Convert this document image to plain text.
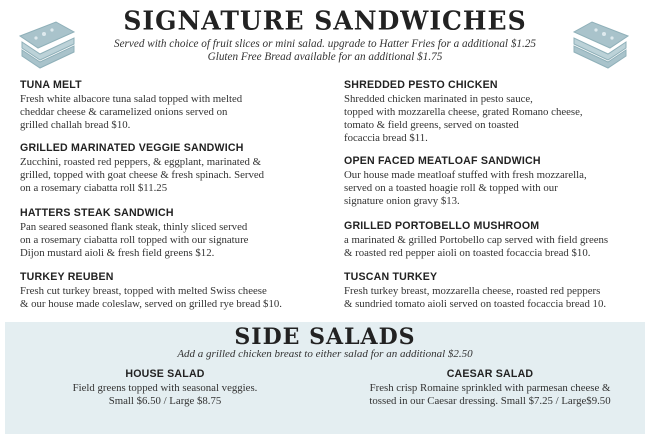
SIGNATURE SANDWICHES
Served with choice of fruit slices or mini salad. upgrade to Hatter Fries for a additional $1.25
Gluten Free Bread available for an additional $1.75
TUNA MELT
Fresh white albacore tuna salad topped with melted
cheddar cheese & caramelized onions served on
grilled challah bread $10.
GRILLED MARINATED VEGGIE SANDWICH
Zucchini, roasted red peppers, & eggplant, marinated &
grilled, topped with goat cheese & fresh spinach. Served
on a rosemary ciabatta roll $11.25
HATTERS STEAK SANDWICH
Pan seared seasoned flank steak, thinly sliced served
on a rosemary ciabatta roll topped with our signature
Dijon mustard aioli & fresh field greens $12.
TURKEY REUBEN
Fresh cut turkey breast, topped with melted Swiss cheese
& our house made coleslaw, served on grilled rye bread $10.
SHREDDED PESTO CHICKEN
Shredded chicken marinated in pesto sauce,
topped with mozzarella cheese, grated Romano cheese,
tomato & field greens, served on toasted
focaccia bread $11.
OPEN FACED MEATLOAF SANDWICH
Our house made meatloaf stuffed with fresh mozzarella,
served on a toasted hoagie roll & topped with our
signature onion gravy $13.
GRILLED PORTOBELLO MUSHROOM
a marinated & grilled Portobello cap served with field greens
& roasted red pepper aioli on toasted focaccia bread $10.
TUSCAN TURKEY
Fresh turkey breast, mozzarella cheese, roasted red peppers
& sundried tomato aioli served on toasted focaccia bread 10.
SIDE SALADS
Add a grilled chicken breast to either salad for an additional $2.50
HOUSE SALAD
Field greens topped with seasonal veggies.
Small $6.50 / Large $8.75
CAESAR SALAD
Fresh crisp Romaine sprinkled with parmesan cheese &
tossed in our Caesar dressing. Small $7.25 / Large$9.50
